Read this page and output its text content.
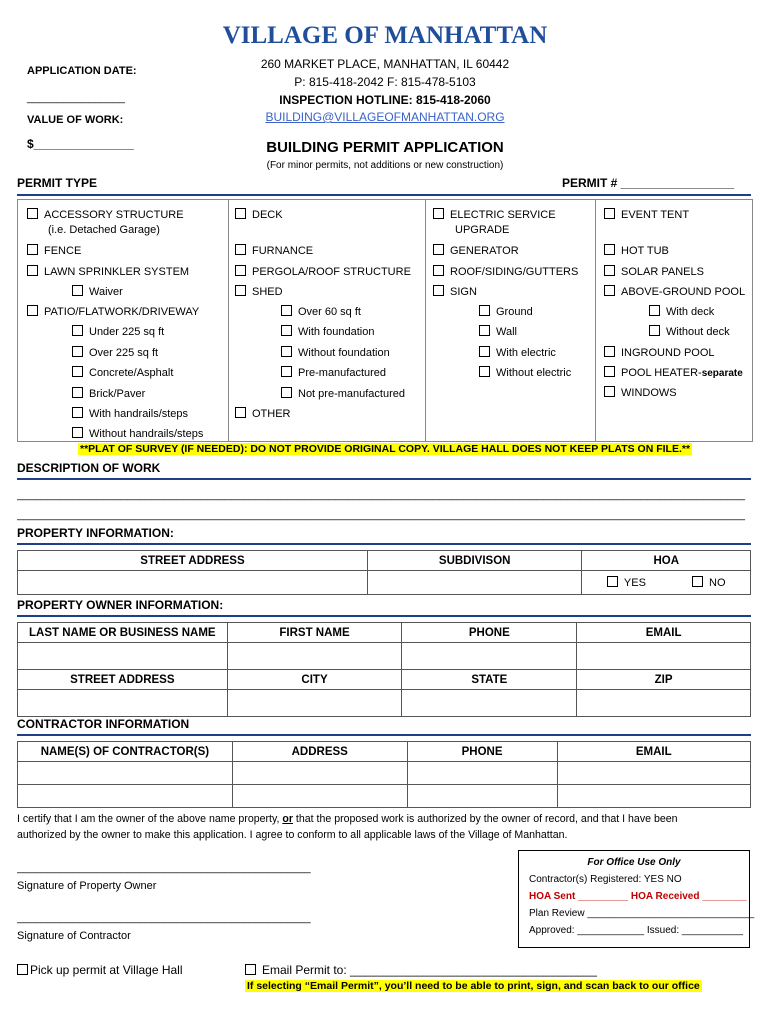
VILLAGE OF MANHATTAN
260 MARKET PLACE, MANHATTAN, IL 60442
P: 815-418-2042 F: 815-478-5103
INSPECTION HOTLINE: 815-418-2060
BUILDING@VILLAGEOFMANHATTAN.ORG
BUILDING PERMIT APPLICATION
(For minor permits, not additions or new construction)
APPLICATION DATE:
________________
VALUE OF WORK:
$_______________
PERMIT TYPE	PERMIT # _________________
ACCESSORY STRUCTURE
(i.e. Detached Garage)
FENCE
LAWN SPRINKLER SYSTEM
Waiver
PATIO/FLATWORK/DRIVEWAY
Under 225 sq ft
Over 225 sq ft
Concrete/Asphalt
Brick/Paver
With handrails/steps
Without handrails/steps
DECK
FURNANCE
PERGOLA/ROOF STRUCTURE
SHED
Over 60 sq ft
With foundation
Without foundation
Pre-manufactured
Not pre-manufactured
OTHER
ELECTRIC SERVICE
UPGRADE
GENERATOR
ROOF/SIDING/GUTTERS
SIGN
Ground
Wall
With electric
Without electric
EVENT TENT
HOT TUB
SOLAR PANELS
ABOVE-GROUND POOL
With deck
Without deck
INGROUND POOL
POOL HEATER-separate
WINDOWS
**PLAT OF SURVEY (IF NEEDED): DO NOT PROVIDE ORIGINAL COPY. VILLAGE HALL DOES NOT KEEP PLATS ON FILE.**
DESCRIPTION OF WORK
_______________________________________________________________________________________________________________________
_______________________________________________________________________________________________________________________
PROPERTY INFORMATION:
STREET ADDRESS	SUBDIVISON	HOA
		YES NO
PROPERTY OWNER INFORMATION:
LAST NAME OR BUSINESS NAME	FIRST NAME	PHONE	EMAIL

STREET ADDRESS	CITY	STATE	ZIP

CONTRACTOR INFORMATION
NAME(S) OF CONTRACTOR(S)	ADDRESS	PHONE	EMAIL

I certify that I am the owner of the above name property, or that the proposed work is authorized by the owner of record, and that I have been
authorized by the owner to make this application. I agree to conform to all applicable laws of the Village of Manhattan.
________________________________________________
Signature of Property Owner
________________________________________________
Signature of Contractor
For Office Use Only
Contractor(s) Registered: YES NO
HOA Sent _________ HOA Received ________
Plan Review ______________________________
Approved: ____________ Issued: ___________
Pick up permit at Village Hall	Email Permit to: _____________________________________
If selecting “Email Permit”, you’ll need to be able to print, sign, and scan back to our office
